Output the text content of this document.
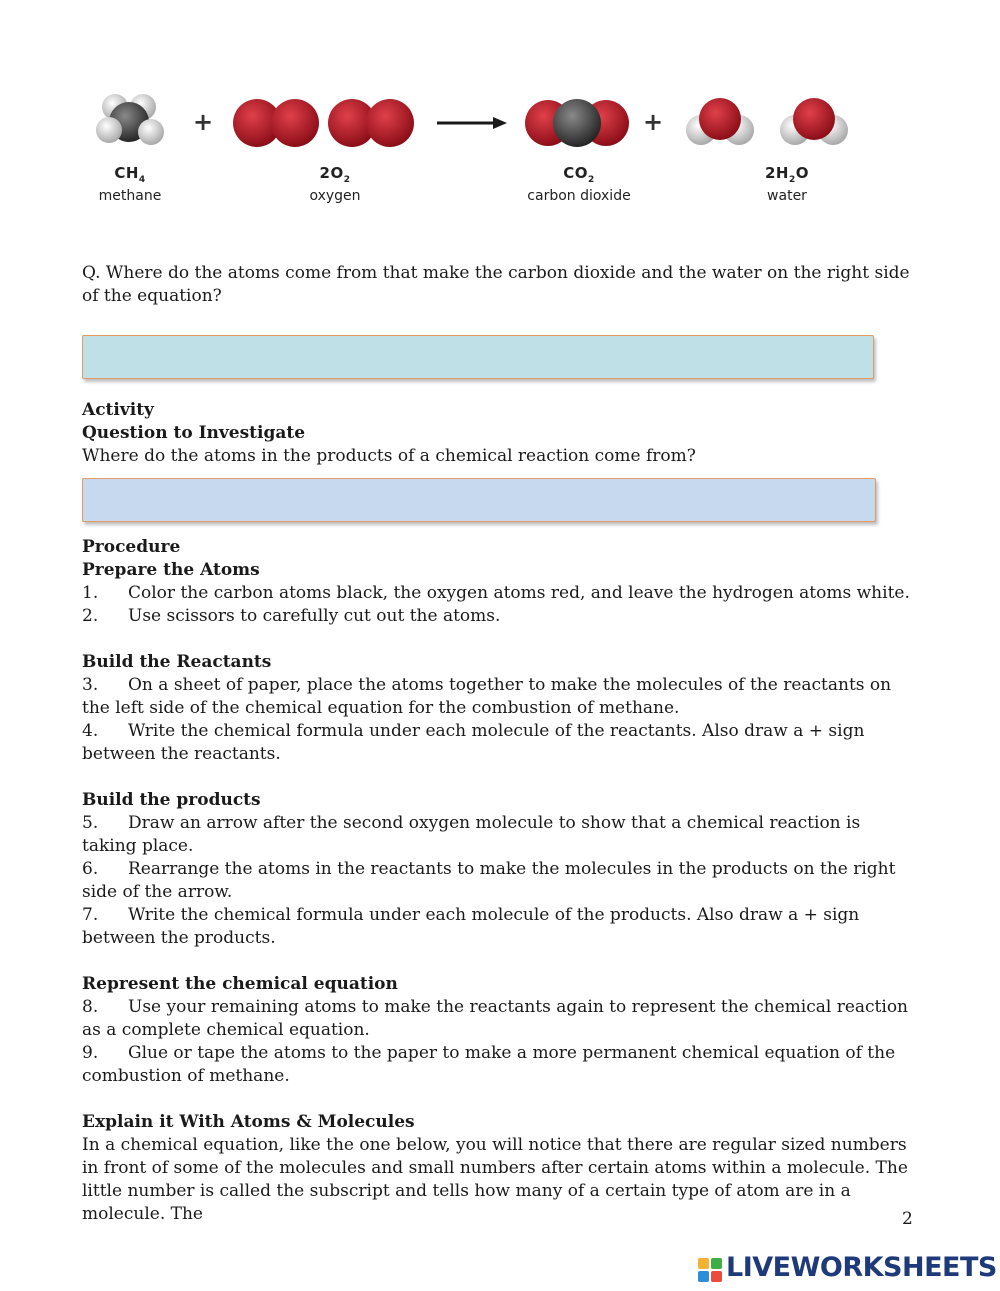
+	+
$CH_4$
methane
$2O_2$
oxygen
$CO_2$
carbon dioxide
$2H_2O$
water

Q. Where do the atoms come from that make the carbon dioxide and the water on the right side of the equation?

Activity

Question to Investigate

Where do the atoms in the products of a chemical reaction come from?

Procedure

Prepare the Atoms

1. Color the carbon atoms black, the oxygen atoms red, and leave the hydrogen atoms white.

2. Use scissors to carefully cut out the atoms.

Build the Reactants

3. On a sheet of paper, place the atoms together to make the molecules of the reactants on the left side of the chemical equation for the combustion of methane.

4. Write the chemical formula under each molecule of the reactants. Also draw a + sign between the reactants.

Build the products

5. Draw an arrow after the second oxygen molecule to show that a chemical reaction is taking place.

6. Rearrange the atoms in the reactants to make the molecules in the products on the right side of the arrow.

7. Write the chemical formula under each molecule of the products. Also draw a + sign between the products.

Represent the chemical equation

8. Use your remaining atoms to make the reactants again to represent the chemical reaction as a complete chemical equation.

9. Glue or tape the atoms to the paper to make a more permanent chemical equation of the combustion of methane.

Explain it With Atoms & Molecules

In a chemical equation, like the one below, you will notice that there are regular sized numbers in front of some of the molecules and small numbers after certain atoms within a molecule. The little number is called the subscript and tells how many of a certain type of atom are in a molecule. The	2
LIVEWORKSHEETS
